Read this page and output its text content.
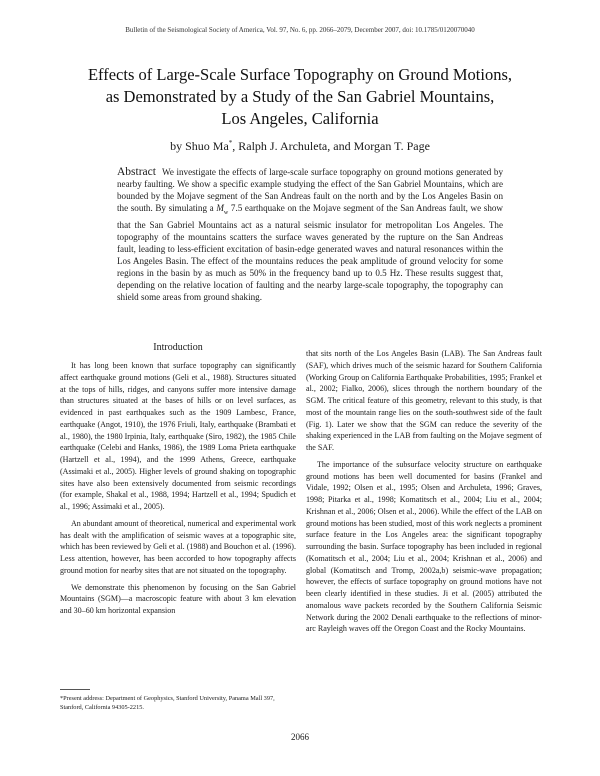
Bulletin of the Seismological Society of America, Vol. 97, No. 6, pp. 2066–2079, December 2007, doi: 10.1785/0120070040
Effects of Large-Scale Surface Topography on Ground Motions,
as Demonstrated by a Study of the San Gabriel Mountains,
Los Angeles, California
by Shuo Ma*, Ralph J. Archuleta, and Morgan T. Page
Abstract We investigate the effects of large-scale surface topography on ground motions generated by nearby faulting. We show a specific example studying the effect of the San Gabriel Mountains, which are bounded by the Mojave segment of the San Andreas fault on the north and by the Los Angeles Basin on the south. By simulating a $M_w$ 7.5 earthquake on the Mojave segment of the San Andreas fault, we show that the San Gabriel Mountains act as a natural seismic insulator for metropolitan Los Angeles. The topography of the mountains scatters the surface waves generated by the rupture on the San Andreas fault, leading to less-efficient excitation of basin-edge generated waves and natural resonances within the Los Angeles Basin. The effect of the mountains reduces the peak amplitude of ground velocity for some regions in the basin by as much as 50% in the frequency band up to 0.5 Hz. These results suggest that, depending on the relative location of faulting and the nearby large-scale topography, the topography can shield some areas from ground shaking.
Introduction

It has long been known that surface topography can significantly affect earthquake ground motions (Geli et al., 1988). Structures situated at the tops of hills, ridges, and canyons suffer more intensive damage than structures situated at the bases of hills or on level surfaces, as evidenced in past earthquakes such as the 1909 Lambesc, France, earthquake (Angot, 1910), the 1976 Friuli, Italy, earthquake (Brambati et al., 1980), the 1980 Irpinia, Italy, earthquake (Siro, 1982), the 1985 Chile earthquake (Celebi and Hanks, 1986), the 1989 Loma Prieta earthquake (Hartzell et al., 1994), and the 1999 Athens, Greece, earthquake (Assimaki et al., 2005). Higher levels of ground shaking on topographic sites have also been extensively documented from seismic recordings (for example, Shakal et al., 1988, 1994; Hartzell et al., 1994; Spudich et al., 1996; Assimaki et al., 2005).

An abundant amount of theoretical, numerical and experimental work has dealt with the amplification of seismic waves at a topographic site, which has been reviewed by Geli et al. (1988) and Bouchon et al. (1996). Less attention, however, has been accorded to how topography affects ground motion for nearby sites that are not situated on the topography.

We demonstrate this phenomenon by focusing on the San Gabriel Mountains (SGM)—a macroscopic feature with about 3 km elevation and 30–60 km horizontal expansion

*Present address: Department of Geophysics, Stanford University, Panama Mall 397, Stanford, California 94305-2215.

that sits north of the Los Angeles Basin (LAB). The San Andreas fault (SAF), which drives much of the seismic hazard for Southern California (Working Group on California Earthquake Probabilities, 1995; Frankel et al., 2002; Fialko, 2006), slices through the northern boundary of the SGM. The critical feature of this geometry, relevant to this study, is that most of the mountain range lies on the south-southwest side of the fault (Fig. 1). Later we show that the SGM can reduce the severity of the shaking experienced in the LAB from faulting on the Mojave segment of the SAF.

The importance of the subsurface velocity structure on earthquake ground motions has been well documented for basins (Frankel and Vidale, 1992; Olsen et al., 1995; Olsen and Archuleta, 1996; Graves, 1998; Pitarka et al., 1998; Komatitsch et al., 2004; Liu et al., 2004; Krishnan et al., 2006; Olsen et al., 2006). While the effect of the LAB on ground motions has been studied, most of this work neglects a prominent surface feature in the Los Angeles area: the significant topography surrounding the basin. Surface topography has been included in regional (Komatitsch et al., 2004; Liu et al., 2004; Krishnan et al., 2006) and global (Komatitsch and Tromp, 2002a,b) seismic-wave propagation; however, the effects of surface topography on ground motions have not been clearly identified in these studies. Ji et al. (2005) attributed the anomalous wave packets recorded by the Southern California Seismic Network during the 2002 Denali earthquake to the reflections of minor-arc Rayleigh waves off the Oregon Coast and the Rocky Mountains.

2066
